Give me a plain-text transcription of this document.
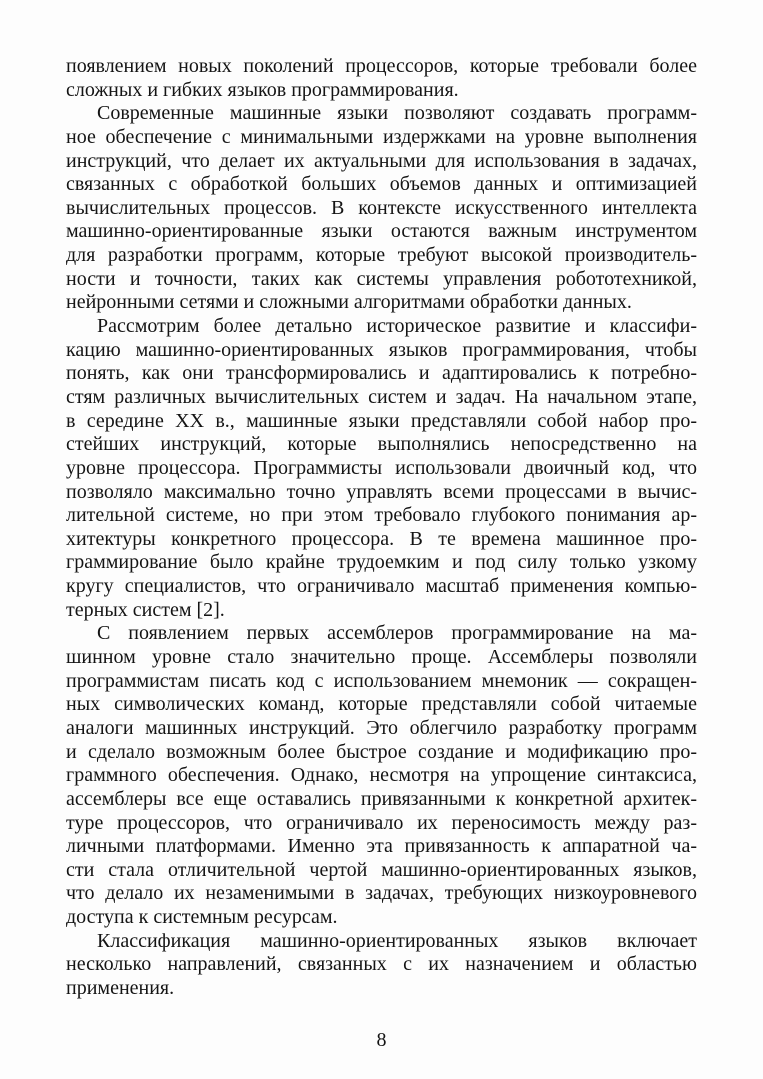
появлением новых поколений процессоров, которые требовали более
сложных и гибких языков программирования.
Современные машинные языки позволяют создавать программ-
ное обеспечение с минимальными издержками на уровне выполнения
инструкций, что делает их актуальными для использования в задачах,
связанных с обработкой больших объемов данных и оптимизацией
вычислительных процессов. В контексте искусственного интеллекта
машинно-ориентированные языки остаются важным инструментом
для разработки программ, которые требуют высокой производитель-
ности и точности, таких как системы управления робототехникой,
нейронными сетями и сложными алгоритмами обработки данных.
Рассмотрим более детально историческое развитие и классифи-
кацию машинно-ориентированных языков программирования, чтобы
понять, как они трансформировались и адаптировались к потребно-
стям различных вычислительных систем и задач. На начальном этапе,
в середине XX в., машинные языки представляли собой набор про-
стейших инструкций, которые выполнялись непосредственно на
уровне процессора. Программисты использовали двоичный код, что
позволяло максимально точно управлять всеми процессами в вычис-
лительной системе, но при этом требовало глубокого понимания ар-
хитектуры конкретного процессора. В те времена машинное про-
граммирование было крайне трудоемким и под силу только узкому
кругу специалистов, что ограничивало масштаб применения компью-
терных систем [2].
С появлением первых ассемблеров программирование на ма-
шинном уровне стало значительно проще. Ассемблеры позволяли
программистам писать код с использованием мнемоник — сокращен-
ных символических команд, которые представляли собой читаемые
аналоги машинных инструкций. Это облегчило разработку программ
и сделало возможным более быстрое создание и модификацию про-
граммного обеспечения. Однако, несмотря на упрощение синтаксиса,
ассемблеры все еще оставались привязанными к конкретной архитек-
туре процессоров, что ограничивало их переносимость между раз-
личными платформами. Именно эта привязанность к аппаратной ча-
сти стала отличительной чертой машинно-ориентированных языков,
что делало их незаменимыми в задачах, требующих низкоуровневого
доступа к системным ресурсам.
Классификация машинно-ориентированных языков включает
несколько направлений, связанных с их назначением и областью
применения.
8
